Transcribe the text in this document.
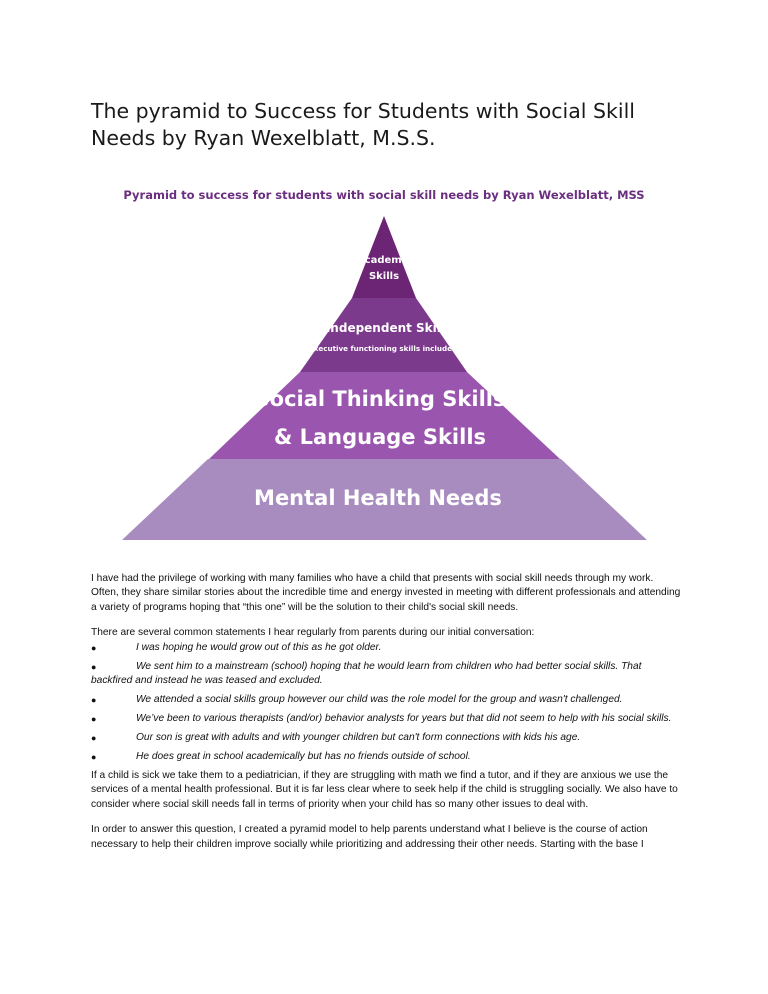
The pyramid to Success for Students with Social Skill Needs by Ryan Wexelblatt, M.S.S.
Pyramid to success for students with social skill needs by Ryan Wexelblatt, MSS
Academic
Skills
Independent Skills
(Executive functioning skills included)
Social Thinking Skills
& Language Skills
Mental Health Needs

I have had the privilege of working with many families who have a child that presents with social skill needs through my work. Often, they share similar stories about the incredible time and energy invested in meeting with different professionals and attending a variety of programs hoping that “this one” will be the solution to their child's social skill needs.

There are several common statements I hear regularly from parents during our initial conversation:

●	I was hoping he would grow out of this as he got older.
●	We sent him to a mainstream (school) hoping that he would learn from children who had better social skills. That backfired and instead he was teased and excluded.
●	We attended a social skills group however our child was the role model for the group and wasn't challenged.
●	We’ve been to various therapists (and/or) behavior analysts for years but that did not seem to help with his social skills.
●	Our son is great with adults and with younger children but can't form connections with kids his age.
●	He does great in school academically but has no friends outside of school.

If a child is sick we take them to a pediatrician, if they are struggling with math we find a tutor, and if they are anxious we use the services of a mental health professional. But it is far less clear where to seek help if the child is struggling socially. We also have to consider where social skill needs fall in terms of priority when your child has so many other issues to deal with.

In order to answer this question, I created a pyramid model to help parents understand what I believe is the course of action necessary to help their children improve socially while prioritizing and addressing their other needs. Starting with the base I
